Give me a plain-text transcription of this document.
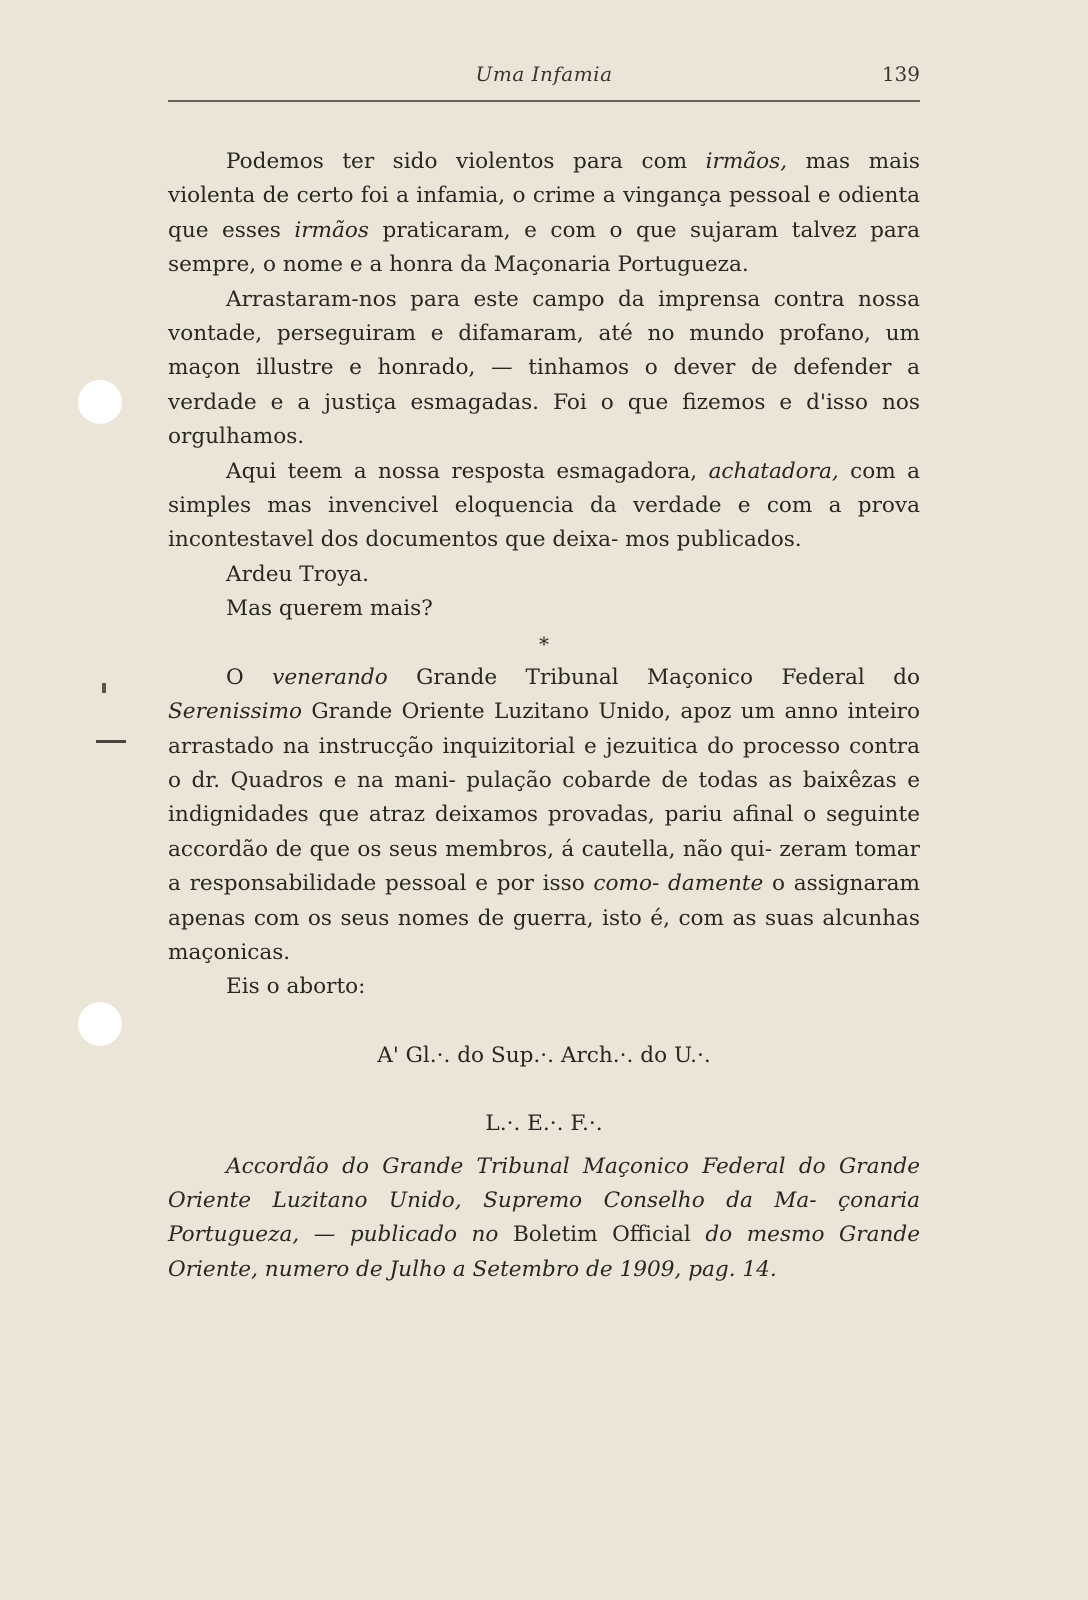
Uma Infamia	139

Podemos ter sido violentos para com irmãos, mas mais violenta de certo foi a infamia, o crime a vingança pessoal e odienta que esses irmãos praticaram, e com o que sujaram talvez para sempre, o nome e a honra da Maçonaria Portugueza.

Arrastaram-nos para este campo da imprensa contra nossa vontade, perseguiram e difamaram, até no mundo profano, um maçon illustre e honrado, — tinhamos o dever de defender a verdade e a justiça esmagadas. Foi o que fizemos e d'isso nos orgulhamos.

Aqui teem a nossa resposta esmagadora, achatadora, com a simples mas invencivel eloquencia da verdade e com a prova incontestavel dos documentos que deixa- mos publicados.

Ardeu Troya.

Mas querem mais?

*

O venerando Grande Tribunal Maçonico Federal do Serenissimo Grande Oriente Luzitano Unido, apoz um anno inteiro arrastado na instrucção inquizitorial e jezuitica do processo contra o dr. Quadros e na mani- pulação cobarde de todas as baixêzas e indignidades que atraz deixamos provadas, pariu afinal o seguinte accordão de que os seus membros, á cautella, não qui- zeram tomar a responsabilidade pessoal e por isso como- damente o assignaram apenas com os seus nomes de guerra, isto é, com as suas alcunhas maçonicas.

Eis o aborto:

A' Gl.·. do Sup.·. Arch.·. do U.·.

L.·. E.·. F.·.

Accordão do Grande Tribunal Maçonico Federal do Grande Oriente Luzitano Unido, Supremo Conselho da Ma- çonaria Portugueza, — publicado no Boletim Official do mesmo Grande Oriente, numero de Julho a Setembro de 1909, pag. 14.
